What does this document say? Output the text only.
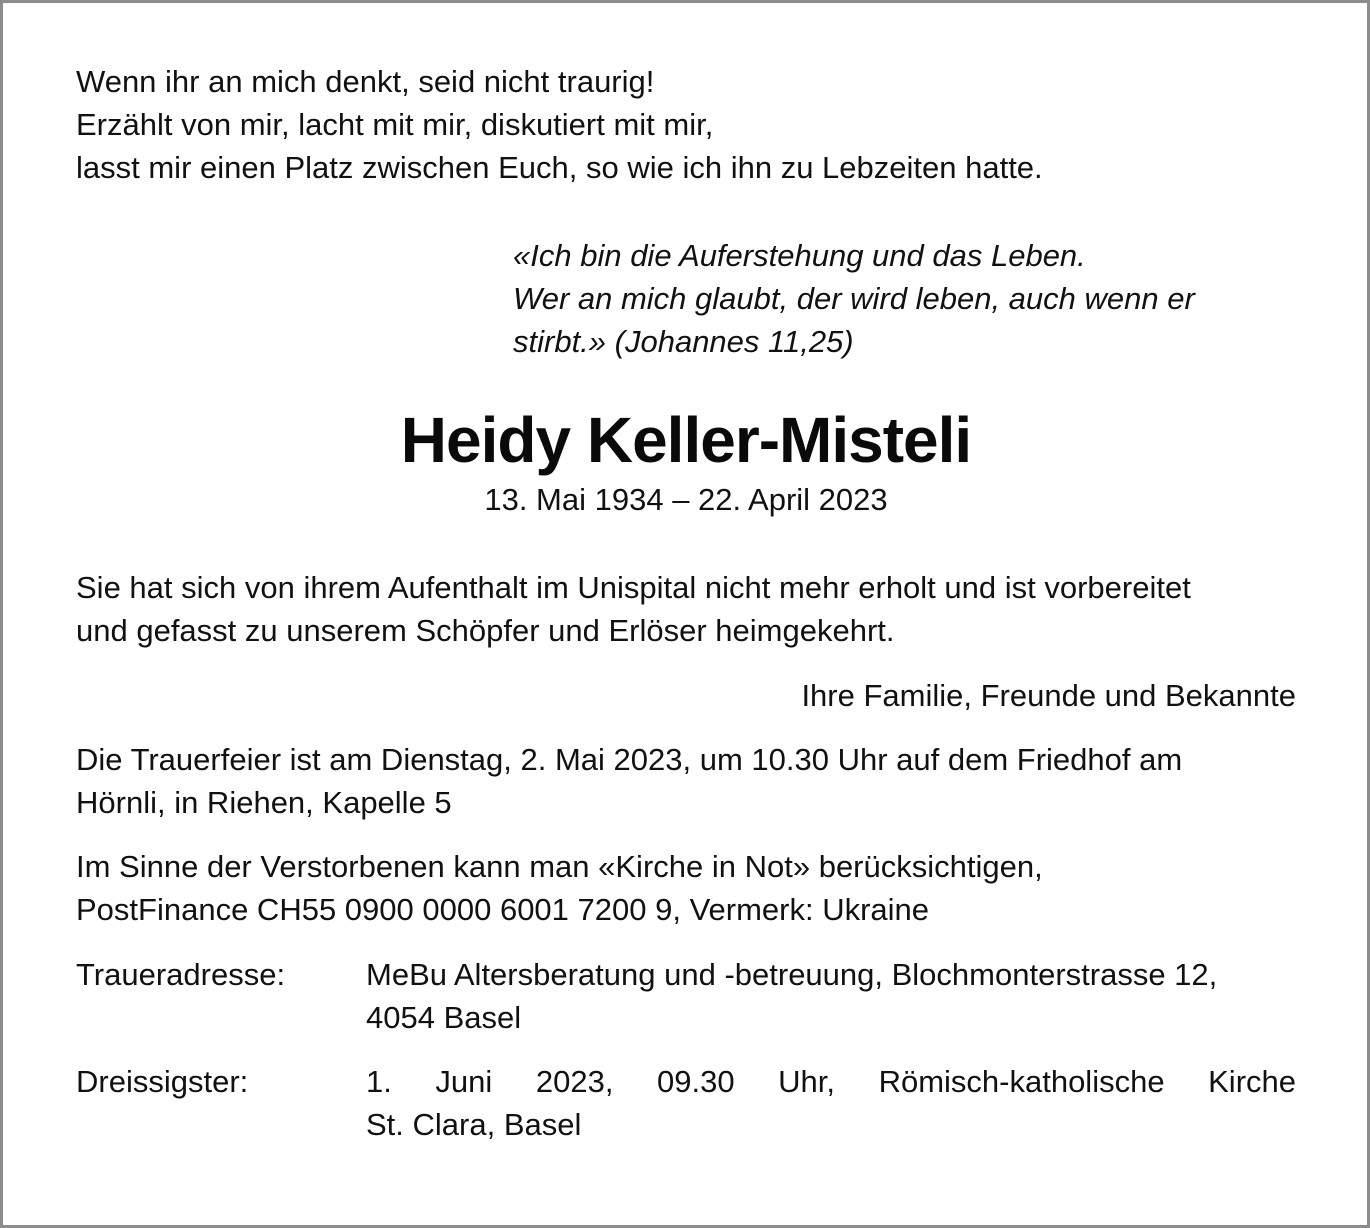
Wenn ihr an mich denkt, seid nicht traurig!
Erzählt von mir, lacht mit mir, diskutiert mit mir,
lasst mir einen Platz zwischen Euch, so wie ich ihn zu Lebzeiten hatte.
«Ich bin die Auferstehung und das Leben.
Wer an mich glaubt, der wird leben, auch wenn er
stirbt.» (Johannes 11,25)
Heidy Keller-Misteli
13. Mai 1934 – 22. April 2023
Sie hat sich von ihrem Aufenthalt im Unispital nicht mehr erholt und ist vorbereitet
und gefasst zu unserem Schöpfer und Erlöser heimgekehrt.
Ihre Familie, Freunde und Bekannte
Die Trauerfeier ist am Dienstag, 2. Mai 2023, um 10.30 Uhr auf dem Friedhof am
Hörnli, in Riehen, Kapelle 5
Im Sinne der Verstorbenen kann man «Kirche in Not» berücksichtigen,
PostFinance CH55 0900 0000 6001 7200 9, Vermerk: Ukraine
Traueradresse:	MeBu Altersberatung und -betreuung, Blochmonterstrasse 12,
4054 Basel
Dreissigster:	1. Juni 2023, 09.30 Uhr, Römisch-katholische Kirche
St. Clara, Basel
